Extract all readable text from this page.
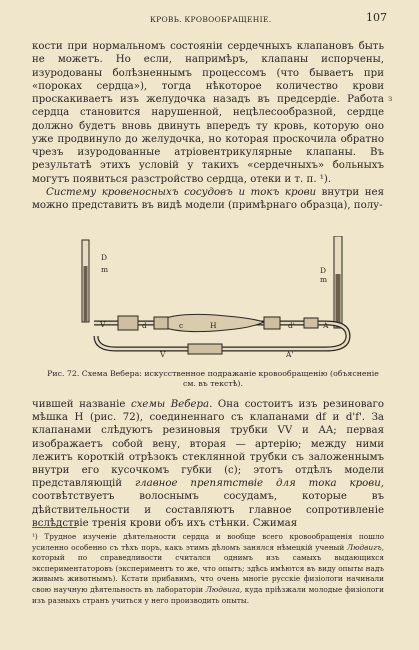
КРОВЬ. КРОВООБРАЩЕНІЕ.	107
з

кости при нормальномъ состояніи сердечныхъ клапановъ быть не можетъ. Но если, напримѣръ, клапаны испорчены, изуродованы болѣзненнымъ процессомъ (что бываетъ при «пороках сердца»), тогда нѣкоторое количество крови проскакиваетъ изъ желудочка назадъ въ предсердіе. Работа сердца становится нарушенной, нецѣлесообразной, сердце должно будетъ вновь двинуть впередъ ту кровь, которую оно уже продвинуло до желудочка, но которая проскочила обратно чрезъ изуродованные атріовентрикулярные клапаны. Въ результатѣ этихъ условій у такихъ «сердечныхъ» больныхъ могутъ появиться разстройство сердца, отеки и т. п. ¹).

Систему кровеносныхъ сосудовъ и токъ крови внутри нея можно представить въ видѣ модели (примѣрнаго образца), полу-

D
m	D
m
V	d	c	H	d'	A
V	A'
Рис. 72. Схема Вебера: искусственное подражаніе кровообращенію (объясненіе см. въ текстѣ).

чившей названіе схемы Вебера. Она состоитъ изъ резиноваго мѣшка H (рис. 72), соединеннаго съ клапанами df и d'f'. За клапанами слѣдуютъ резиновыя трубки VV и AA; первая изображаетъ собой вену, вторая — артерію; между ними лежитъ короткій отрѣзокъ стеклянной трубки съ заложеннымъ внутри его кусочкомъ губки (с); этотъ отдѣлъ модели представляющій главное препятствіе для тока крови, соотвѣтствуетъ волоснымъ сосудамъ, которые въ дѣйствительности и составляютъ главное сопротивленіе вслѣдствіе тренія крови объ ихъ стѣнки. Сжимая

¹) Трудное изученіе дѣятельности сердца и вообще всего кровообращенія пошло усиленно особенно съ тѣхъ поръ, какъ этимъ дѣломъ занялся нѣмецкій ученый Людвигъ, который по справедливости считался однимъ изъ самыхъ выдающихся экспериментаторовъ (экспериментъ то же, что опытъ; здѣсь имѣются въ виду опыты надъ живымъ животнымъ). Кстати прибавимъ, что очень многіе русскіе физіологи начинали свою научную дѣятельность въ лабораторіи Людвига, куда пріѣзжали молодые физіологи изъ разныхъ странъ учиться у него производить опыты.
